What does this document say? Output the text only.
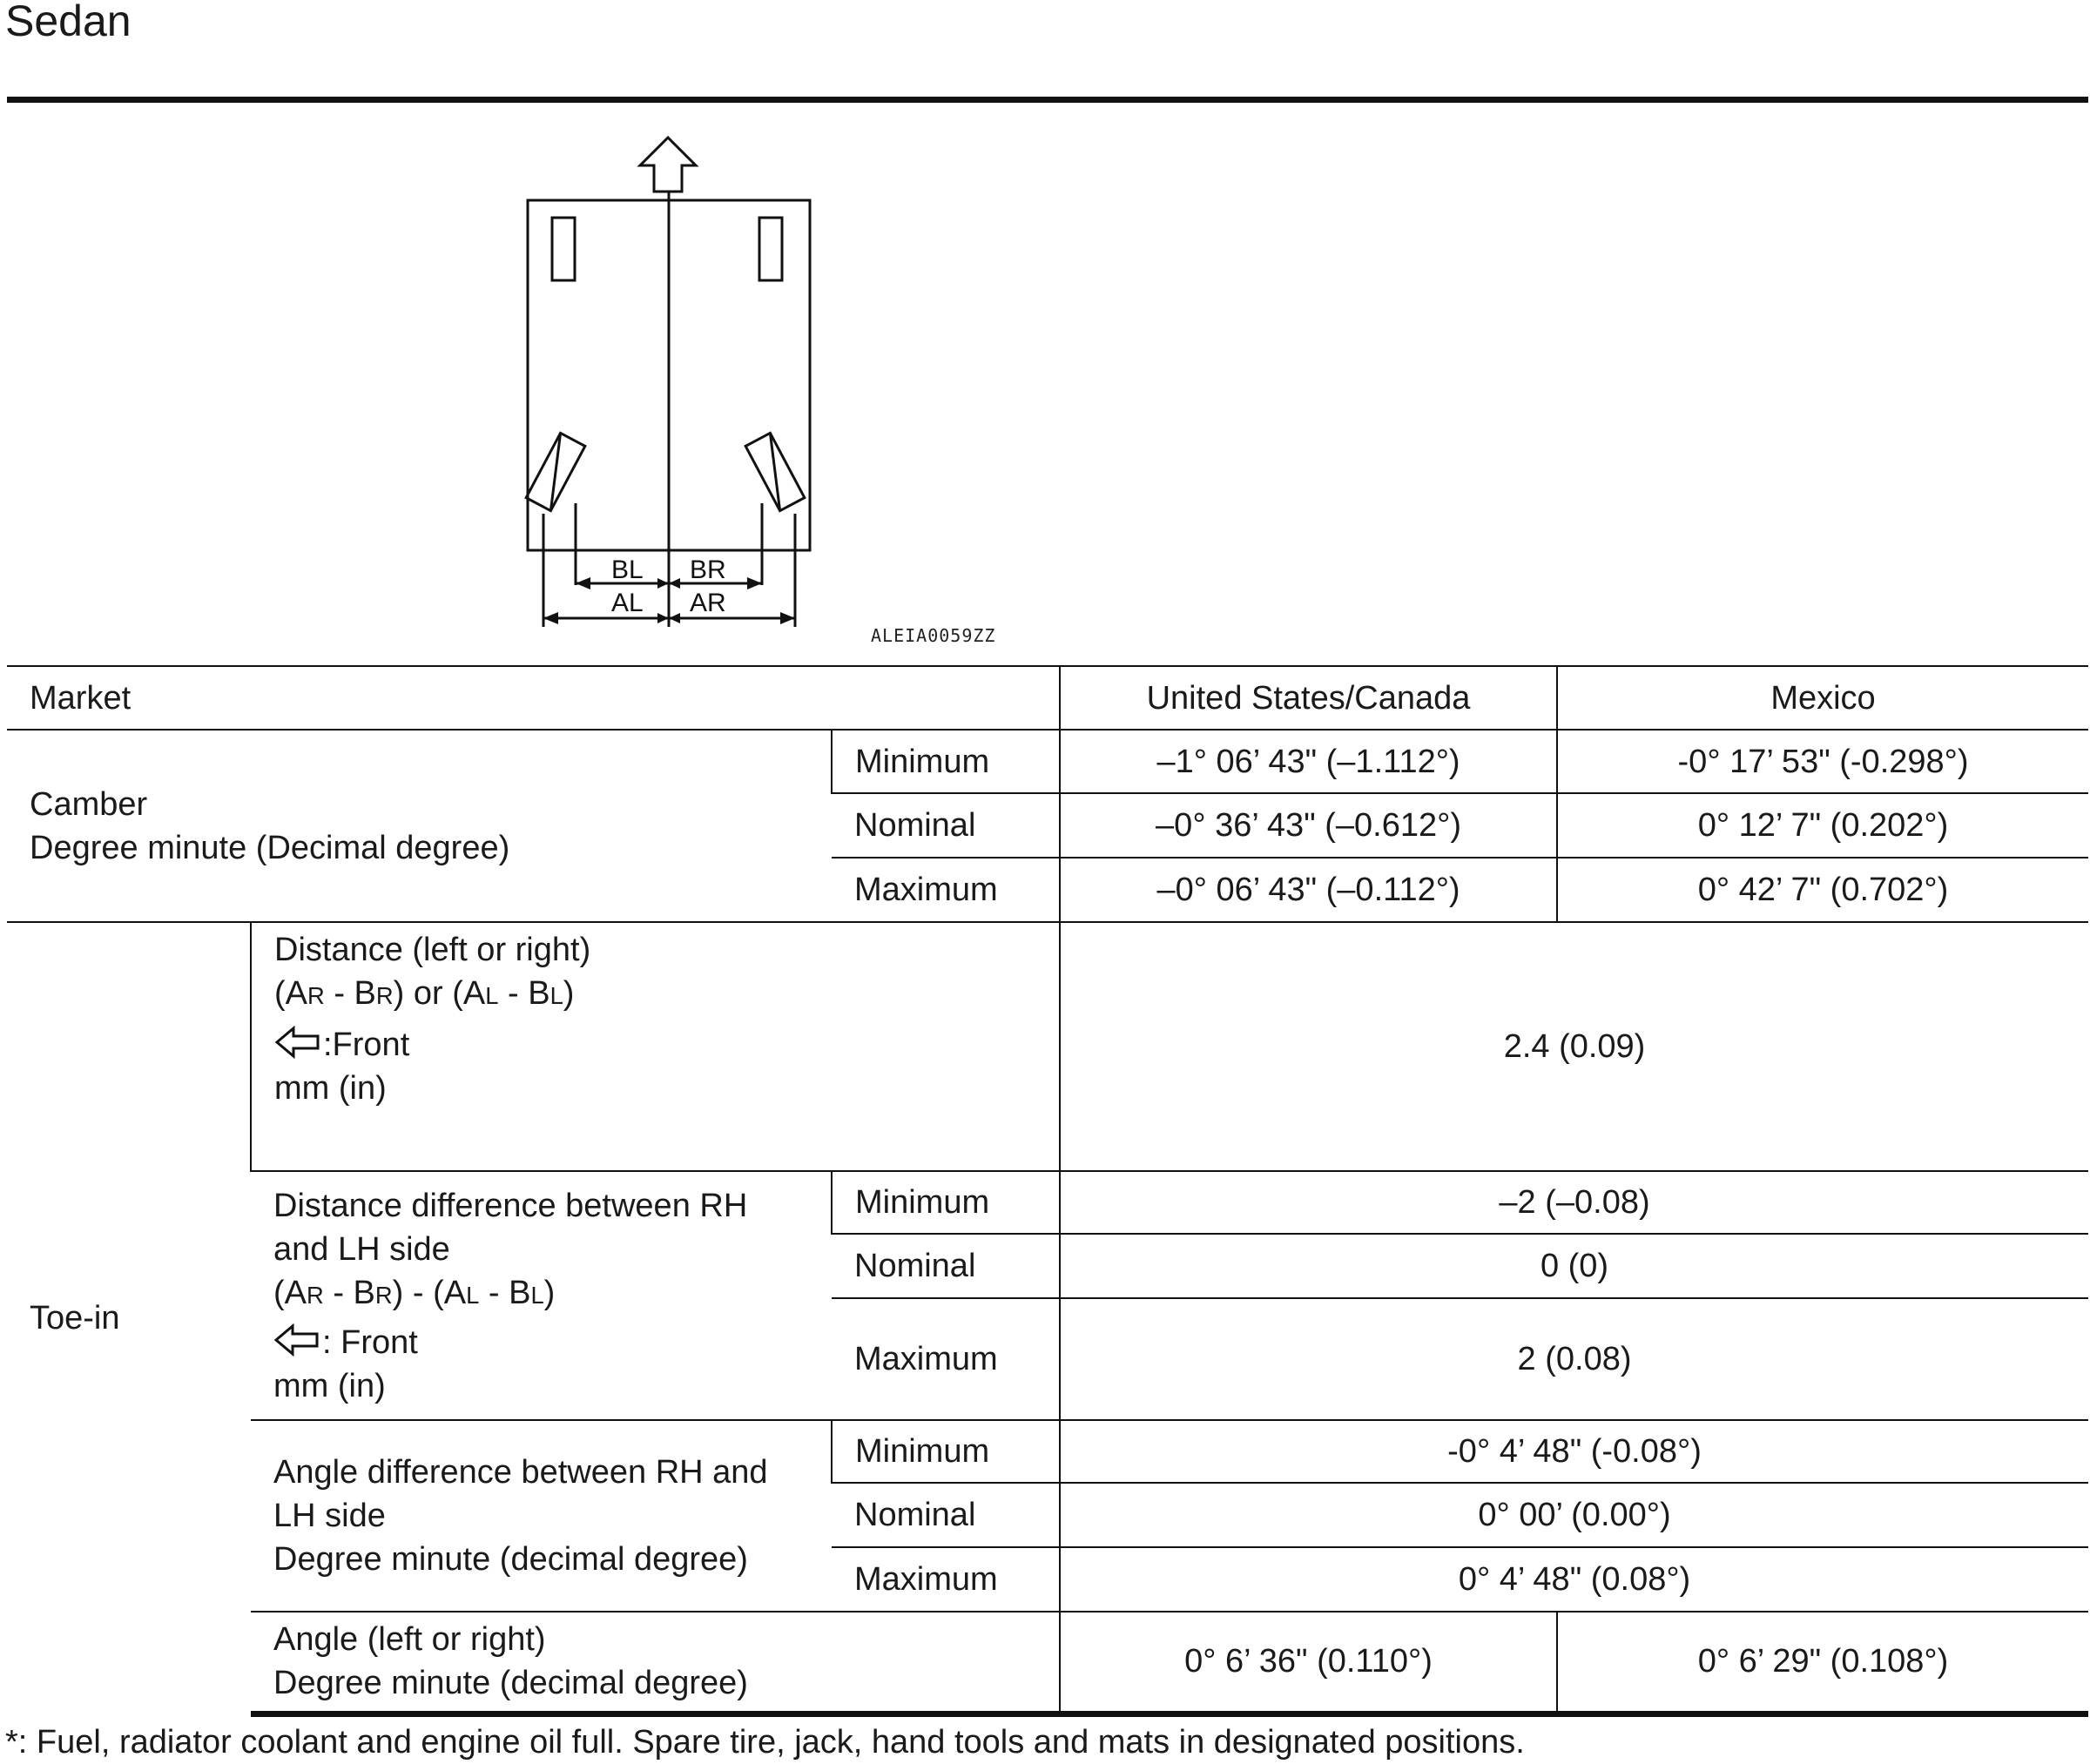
Sedan
BL BR
AL AR
ALEIA0059ZZ
Market			United States/Canada	Mexico

Camber
Degree minute (Decimal degree)		Minimum	–1° 06’ 43" (–1.112°)	-0° 17’ 53" (-0.298°)
		Nominal	–0° 36’ 43" (–0.612°)	0° 12’ 7" (0.202°)
		Maximum	–0° 06’ 43" (–0.112°)	0° 42’ 7" (0.702°)
Toe-in	Distance (left or right)
(AR - BR) or (AL - BL)
:Front
mm (in)		2.4 (0.09)	

	Distance difference between RH
and LH side
(AR - BR) - (AL - BL)
: Front
mm (in)	Minimum	–2 (–0.08)	
		Nominal	0 (0)	
		Maximum	2 (0.08)	

	Angle difference between RH and
LH side
Degree minute (decimal degree)	Minimum	-0° 4’ 48" (-0.08°)	
		Nominal	0° 00’ (0.00°)	
		Maximum	0° 4’ 48" (0.08°)	

	Angle (left or right)
Degree minute (decimal degree)		0° 6’ 36" (0.110°)	0° 6’ 29" (0.108°)
*: Fuel, radiator coolant and engine oil full. Spare tire, jack, hand tools and mats in designated positions.
